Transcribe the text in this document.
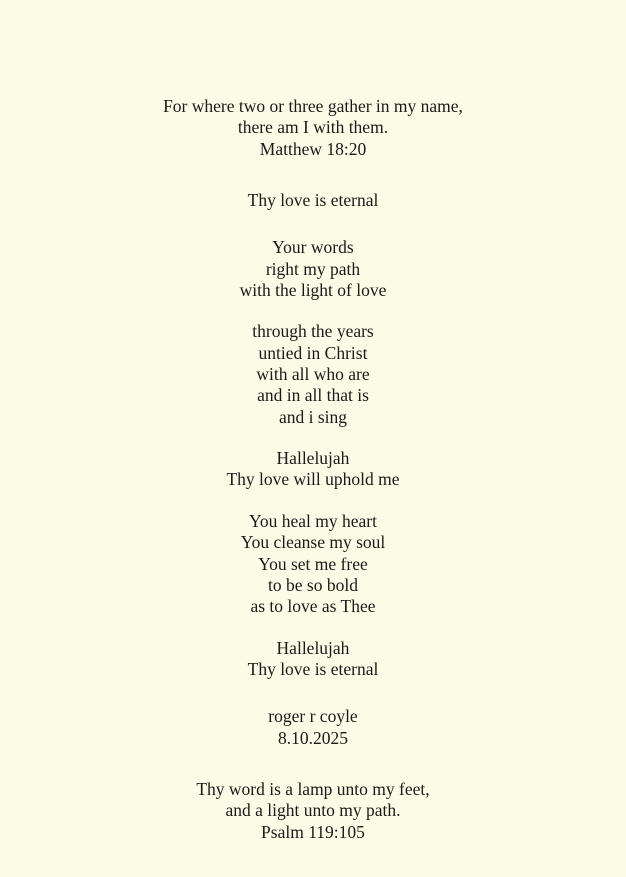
For where two or three gather in my name,
there am I with them.
Matthew 18:20

Thy love is eternal

Your words
right my path
with the light of love

through the years
untied in Christ
with all who are
and in all that is
and i sing

Hallelujah
Thy love will uphold me

You heal my heart
You cleanse my soul
You set me free
to be so bold
as to love as Thee

Hallelujah
Thy love is eternal

roger r coyle
8.10.2025

Thy word is a lamp unto my feet,
and a light unto my path.
Psalm 119:105
